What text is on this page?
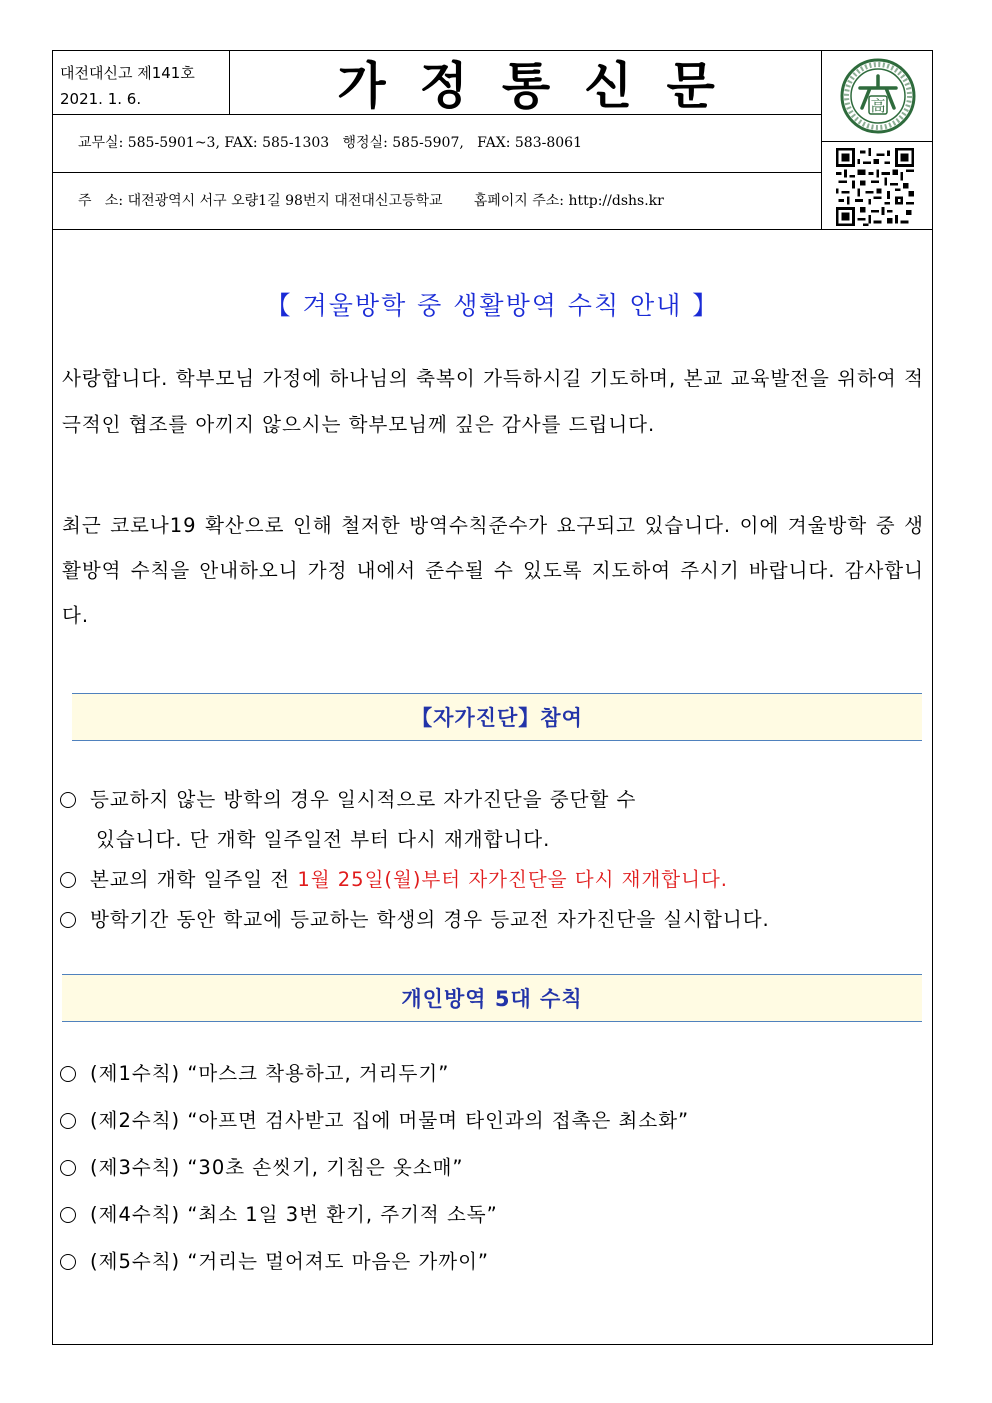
대전대신고 제141호
2021. 1. 6.	가정통신문
교무실: 585-5901~3, FAX: 585-1303   행정실: 585-5907,   FAX: 583-8061
주   소: 대전광역시 서구 오량1길 98번지 대전대신고등학교       홈페이지 주소: http://dshs.kr
高
【 겨울방학 중 생활방역 수칙 안내 】
사랑합니다. 학부모님 가정에 하나님의 축복이 가득하시길 기도하며, 본교 교육발전을 위하여 적극적인 협조를 아끼지 않으시는 학부모님께 깊은 감사를 드립니다.
최근 코로나19 확산으로 인해 철저한 방역수칙준수가 요구되고 있습니다. 이에 겨울방학 중 생활방역 수칙을 안내하오니 가정 내에서 준수될 수 있도록 지도하여 주시기 바랍니다. 감사합니다.
【자가진단】참여
등교하지 않는 방학의 경우 일시적으로 자가진단을 중단할 수
있습니다. 단 개학 일주일전 부터 다시 재개합니다.
본교의 개학 일주일 전 1월 25일(월)부터 자가진단을 다시 재개합니다.
방학기간 동안 학교에 등교하는 학생의 경우 등교전 자가진단을 실시합니다.
개인방역 5대 수칙
(제1수칙) “마스크 착용하고, 거리두기”
(제2수칙) “아프면 검사받고 집에 머물며 타인과의 접촉은 최소화”
(제3수칙) “30초 손씻기, 기침은 옷소매”
(제4수칙) “최소 1일 3번 환기, 주기적 소독”
(제5수칙) “거리는 멀어져도 마음은 가까이”
